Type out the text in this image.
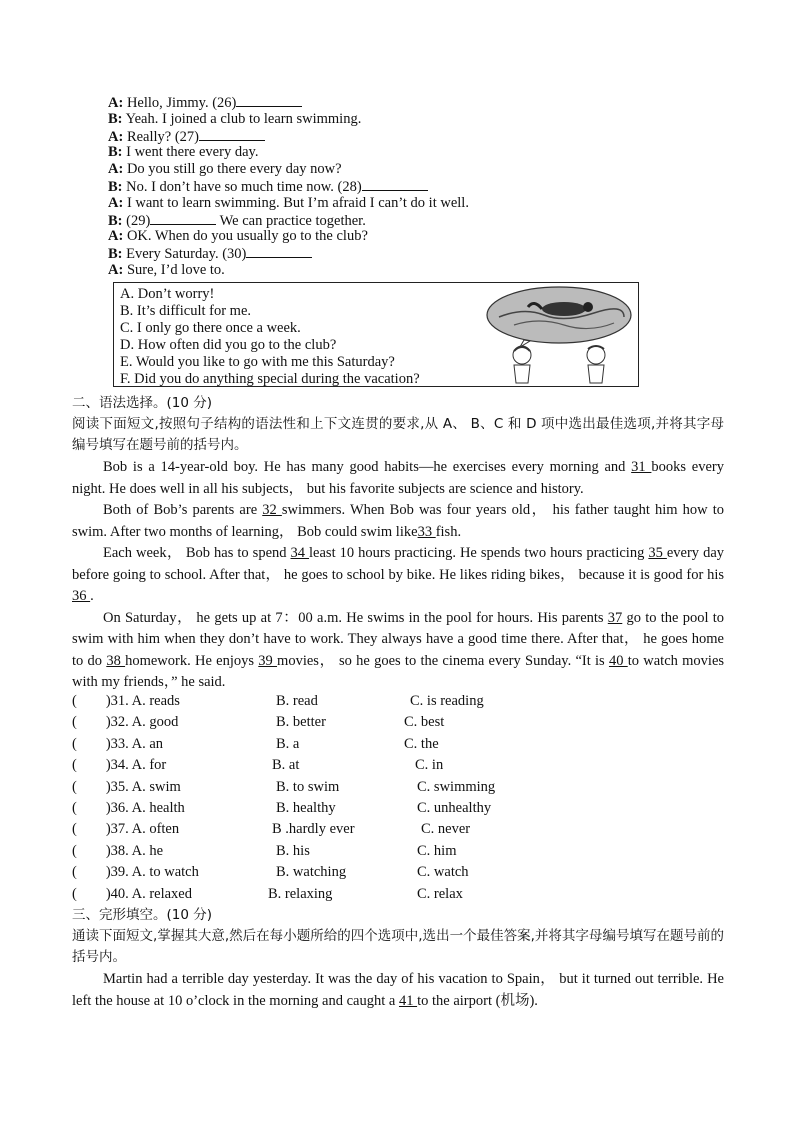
A: Hello, Jimmy. (26)
B: Yeah. I joined a club to learn swimming.
A: Really? (27)
B: I went there every day.
A: Do you still go there every day now?
B: No. I don’t have so much time now. (28)
A: I want to learn swimming. But I’m afraid I can’t do it well.
B: (29)	We can practice together.
A: OK. When do you usually go to the club?
B: Every Saturday. (30)
A: Sure, I’d love to.
A. Don’t worry!
B. It’s difficult for me.
C. I only go there once a week.
D. How often did you go to the club?
E. Would you like to go with me this Saturday?
F. Did you do anything special during the vacation?
二、语法选择。(10 分)
阅读下面短文,按照句子结构的语法性和上下文连贯的要求,从 A、 B、C 和 D 项中选出最佳选项,并将其字母编号填写在题号前的括号内。

Bob is a 14-year-old boy. He has many good habits—he exercises every morning and 31 books every night. He does well in all his subjects， but his favorite subjects are science and history.

Both of Bob’s parents are 32 swimmers. When Bob was four years old， his father taught him how to swim. After two months of learning， Bob could swim like33 fish.

Each week， Bob has to spend 34 least 10 hours practicing. He spends two hours practicing 35 every day before going to school. After that， he goes to school by bike. He likes riding bikes， because it is good for his 36 .

On Saturday， he gets up at 7：00 a.m. He swims in the pool for hours. His parents 37 go to the pool to swim with him when they don’t have to work. They always have a good time there. After that， he goes home to do 38 homework. He enjoys 39 movies， so he goes to the cinema every Sunday. “It is 40 to watch movies with my friends，” he said.

(　　)31. A. reads	B. read	C. is reading
(　　)32. A. good	B. better	C. best
(　　)33. A. an	B. a	C. the
(　　)34. A. for	B. at	C. in
(　　)35. A. swim	B. to swim	C. swimming
(　　)36. A. health	B. healthy	C. unhealthy
(　　)37. A. often	B .hardly ever	C. never
(　　)38. A. he	B. his	C. him
(　　)39. A. to watch	B. watching	C. watch
(　　)40. A. relaxed	B. relaxing	C. relax
三、完形填空。(10 分)
通读下面短文,掌握其大意,然后在每小题所给的四个选项中,选出一个最佳答案,并将其字母编号填写在题号前的括号内。

Martin had a terrible day yesterday. It was the day of his vacation to Spain， but it turned out terrible. He left the house at 10 o’clock in the morning and caught a 41 to the airport (机场).
